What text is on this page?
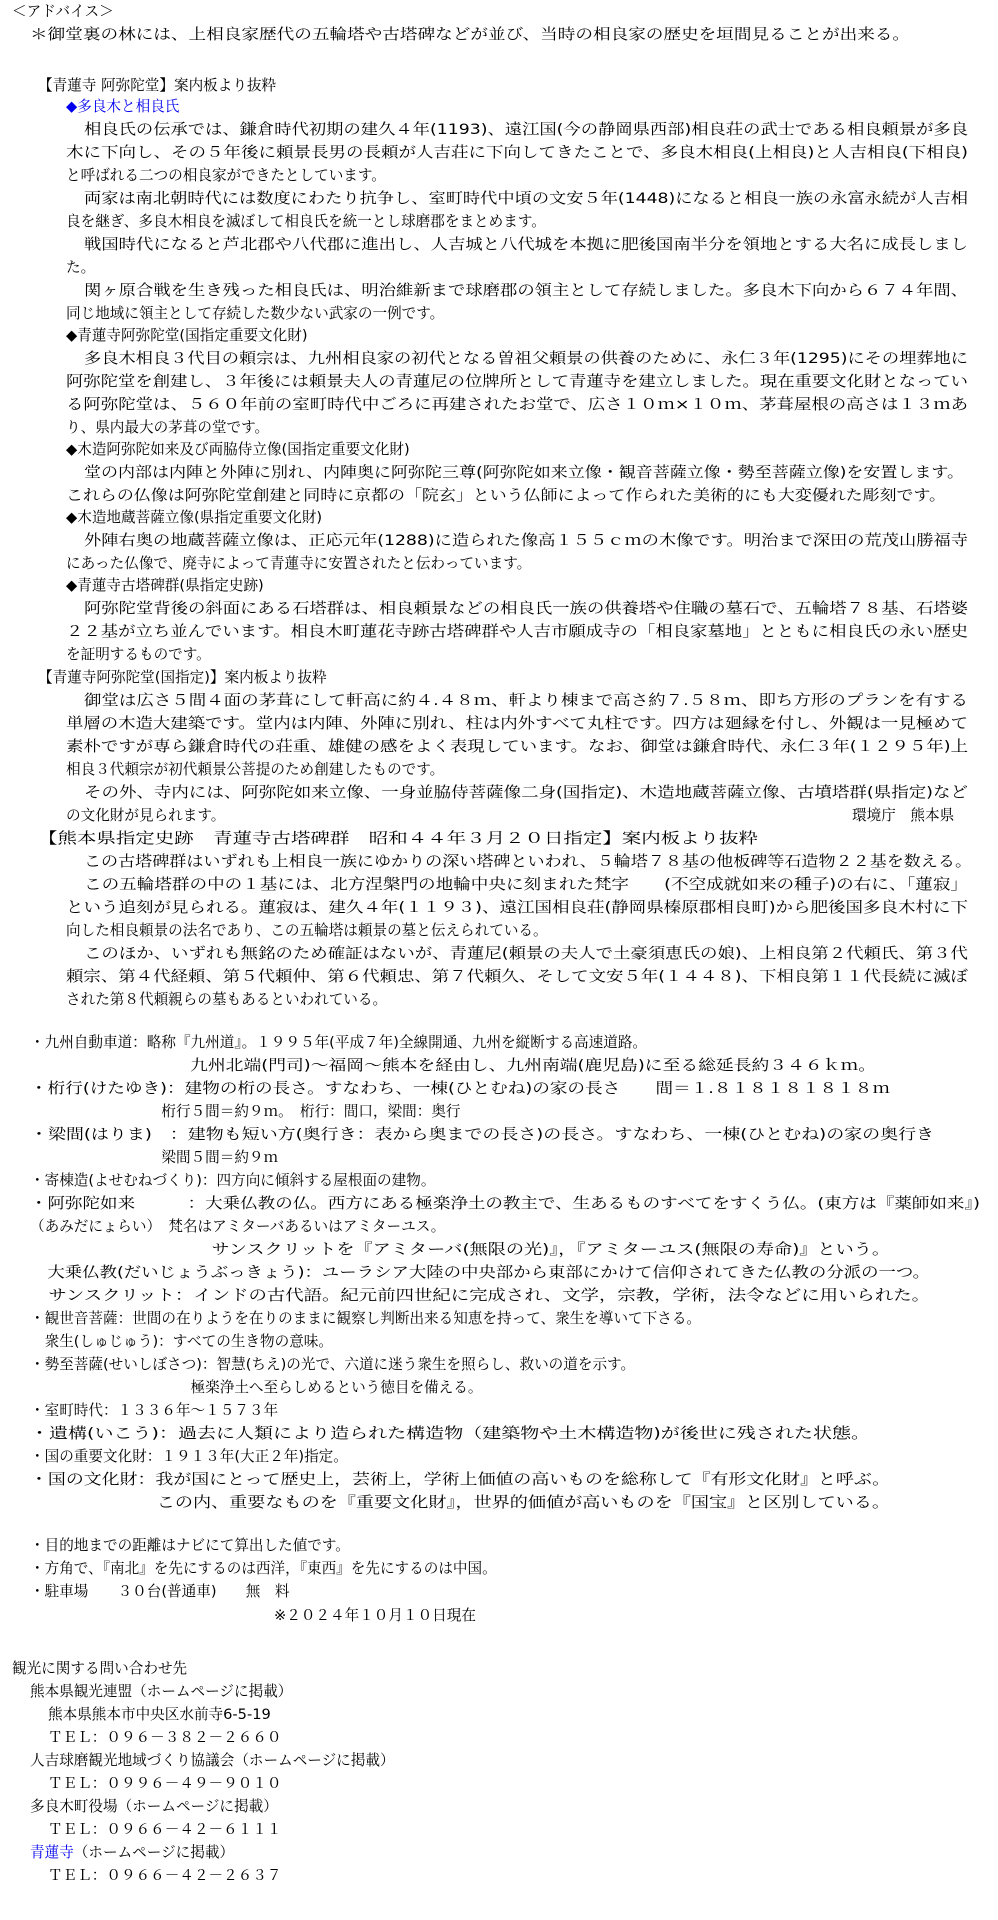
＜アドバイス＞
＊御堂裏の林には、上相良家歴代の五輪塔や古塔碑などが並び、当時の相良家の歴史を垣間見ることが出来る。
【青蓮寺 阿弥陀堂】案内板より抜粋
◆多良木と相良氏
相良氏の伝承では、鎌倉時代初期の建久４年(1193)、遠江国(今の静岡県西部)相良荘の武士である相良頼景が多良
木に下向し、その５年後に頼景長男の長頼が人吉荘に下向してきたことで、多良木相良(上相良)と人吉相良(下相良)
と呼ばれる二つの相良家ができたとしています。
両家は南北朝時代には数度にわたり抗争し、室町時代中頃の文安５年(1448)になると相良一族の永富永続が人吉相
良を継ぎ、多良木相良を滅ぼして相良氏を統一とし球磨郡をまとめます。
戦国時代になると芦北郡や八代郡に進出し、人吉城と八代城を本拠に肥後国南半分を領地とする大名に成長しまし
た。
関ヶ原合戦を生き残った相良氏は、明治維新まで球磨郡の領主として存続しました。多良木下向から６７４年間、
同じ地域に領主として存続した数少ない武家の一例です。
◆青蓮寺阿弥陀堂(国指定重要文化財)
多良木相良３代目の頼宗は、九州相良家の初代となる曽祖父頼景の供養のために、永仁３年(1295)にその埋葬地に
阿弥陀堂を創建し、３年後には頼景夫人の青蓮尼の位牌所として青蓮寺を建立しました。現在重要文化財となってい
る阿弥陀堂は、５６０年前の室町時代中ごろに再建されたお堂で、広さ１０ｍ×１０ｍ、茅葺屋根の高さは１３ｍあ
り、県内最大の茅葺の堂です。
◆木造阿弥陀如来及び両脇侍立像(国指定重要文化財)
堂の内部は内陣と外陣に別れ、内陣奥に阿弥陀三尊(阿弥陀如来立像・観音菩薩立像・勢至菩薩立像)を安置します。
これらの仏像は阿弥陀堂創建と同時に京都の「院玄」という仏師によって作られた美術的にも大変優れた彫刻です。
◆木造地蔵菩薩立像(県指定重要文化財)
外陣右奥の地蔵菩薩立像は、正応元年(1288)に造られた像高１５５ｃｍの木像です。明治まで深田の荒茂山勝福寺
にあった仏像で、廃寺によって青蓮寺に安置されたと伝わっています。
◆青蓮寺古塔碑群(県指定史跡)
阿弥陀堂背後の斜面にある石塔群は、相良頼景などの相良氏一族の供養塔や住職の墓石で、五輪塔７８基、石塔婆
２２基が立ち並んでいます。相良木町蓮花寺跡古塔碑群や人吉市願成寺の「相良家墓地」とともに相良氏の永い歴史
を証明するものです。
【青蓮寺阿弥陀堂(国指定)】案内板より抜粋
御堂は広さ５間４面の茅葺にして軒高に約４.４８ｍ、軒より棟まで高さ約７.５８ｍ、即ち方形のプランを有する
単層の木造大建築です。堂内は内陣、外陣に別れ、柱は内外すべて丸柱です。四方は廻縁を付し、外観は一見極めて
素朴ですが専ら鎌倉時代の荘重、雄健の感をよく表現しています。なお、御堂は鎌倉時代、永仁３年(１２９５年)上
相良３代頼宗が初代頼景公菩提のため創建したものです。
その外、寺内には、阿弥陀如来立像、一身並脇侍菩薩像二身(国指定)、木造地蔵菩薩立像、古墳塔群(県指定)など
の文化財が見られます。	環境庁　熊本県
【熊本県指定史跡　青蓮寺古塔碑群　昭和４４年３月２０日指定】案内板より抜粋
この古塔碑群はいずれも上相良一族にゆかりの深い塔碑といわれ、５輪塔７８基の他板碑等石造物２２基を数える。
この五輪塔群の中の１基には、北方涅槃門の地輪中央に刻まれた梵字　　(不空成就如来の種子)の右に、「蓮寂」
という追刻が見られる。蓮寂は、建久４年(１１９３)、遠江国相良荘(静岡県榛原郡相良町)から肥後国多良木村に下
向した相良頼景の法名であり、この五輪塔は頼景の墓と伝えられている。
このほか、いずれも無銘のため確証はないが、青蓮尼(頼景の夫人で土豪須恵氏の娘)、上相良第２代頼氏、第３代
頼宗、第４代経頼、第５代頼仲、第６代頼忠、第７代頼久、そして文安５年(１４４８)、下相良第１１代長続に滅ぼ
された第８代頼親らの墓もあるといわれている。
・九州自動車道：略称『九州道』。１９９５年(平成７年)全線開通、九州を縦断する高速道路。
　　　　　　　　　九州北端(門司)～福岡～熊本を経由し、九州南端(鹿児島)に至る総延長約３４６ｋｍ。
・桁行(けたゆき)：建物の桁の長さ。すなわち、一棟(ひとむね)の家の長さ　　間＝１.８１８１８１８１８ｍ
　　　　　　　　　桁行５間＝約９ｍ。　桁行：間口，梁間：奥行
・梁間(はりま)　：建物も短い方(奥行き：表から奥までの長さ)の長さ。すなわち、一棟(ひとむね)の家の奥行き
　　　　　　　　　梁間５間＝約９ｍ
・寄棟造(よせむねづくり)：四方向に傾斜する屋根面の建物。
・阿弥陀如来　　　：大乗仏教の仏。西方にある極楽浄土の教主で、生あるものすべてをすくう仏。(東方は『薬師如来』)
（あみだにょらい）　梵名はアミターバあるいはアミターユス。
　　　　　　　　　　サンスクリットを『アミターバ(無限の光)』，『アミターユス(無限の寿命)』という。
　大乗仏教(だいじょうぶっきょう)：ユーラシア大陸の中央部から東部にかけて信仰されてきた仏教の分派の一つ。
　サンスクリット：インドの古代語。紀元前四世紀に完成され、文学，宗教，学術，法令などに用いられた。
・観世音菩薩：世間の在りようを在りのままに観察し判断出来る知恵を持って、衆生を導いて下さる。
　衆生(しゅじゅう)：すべての生き物の意味。
・勢至菩薩(せいしぼさつ)：智慧(ちえ)の光で、六道に迷う衆生を照らし、救いの道を示す。
　　　　　　　　　　　極楽浄土へ至らしめるという徳目を備える。
・室町時代：１３３６年～１５７３年
・遺構(いこう)：過去に人類により造られた構造物（建築物や土木構造物)が後世に残された状態。
・国の重要文化財：１９１３年(大正２年)指定。
・国の文化財：我が国にとって歴史上，芸術上，学術上価値の高いものを総称して『有形文化財』と呼ぶ。
　　　　　　　この内、重要なものを『重要文化財』，世界的価値が高いものを『国宝』と区別している。
・目的地までの距離はナビにて算出した値です。
・方角で、『南北』を先にするのは西洋，『東西』を先にするのは中国。
・駐車場　　３０台(普通車)　　無　料
※２０２４年１０月１０日現在
観光に関する問い合わせ先
熊本県観光連盟（ホームページに掲載）
熊本県熊本市中央区水前寺6-5-19
ＴＥＬ：０９６－３８２－２６６０
人吉球磨観光地域づくり協議会（ホームページに掲載）
ＴＥＬ：０９９６－４９－９０１０
多良木町役場（ホームページに掲載）
ＴＥＬ：０９６６－４２－６１１１
青蓮寺（ホームページに掲載）
ＴＥＬ：０９６６－４２－２６３７
